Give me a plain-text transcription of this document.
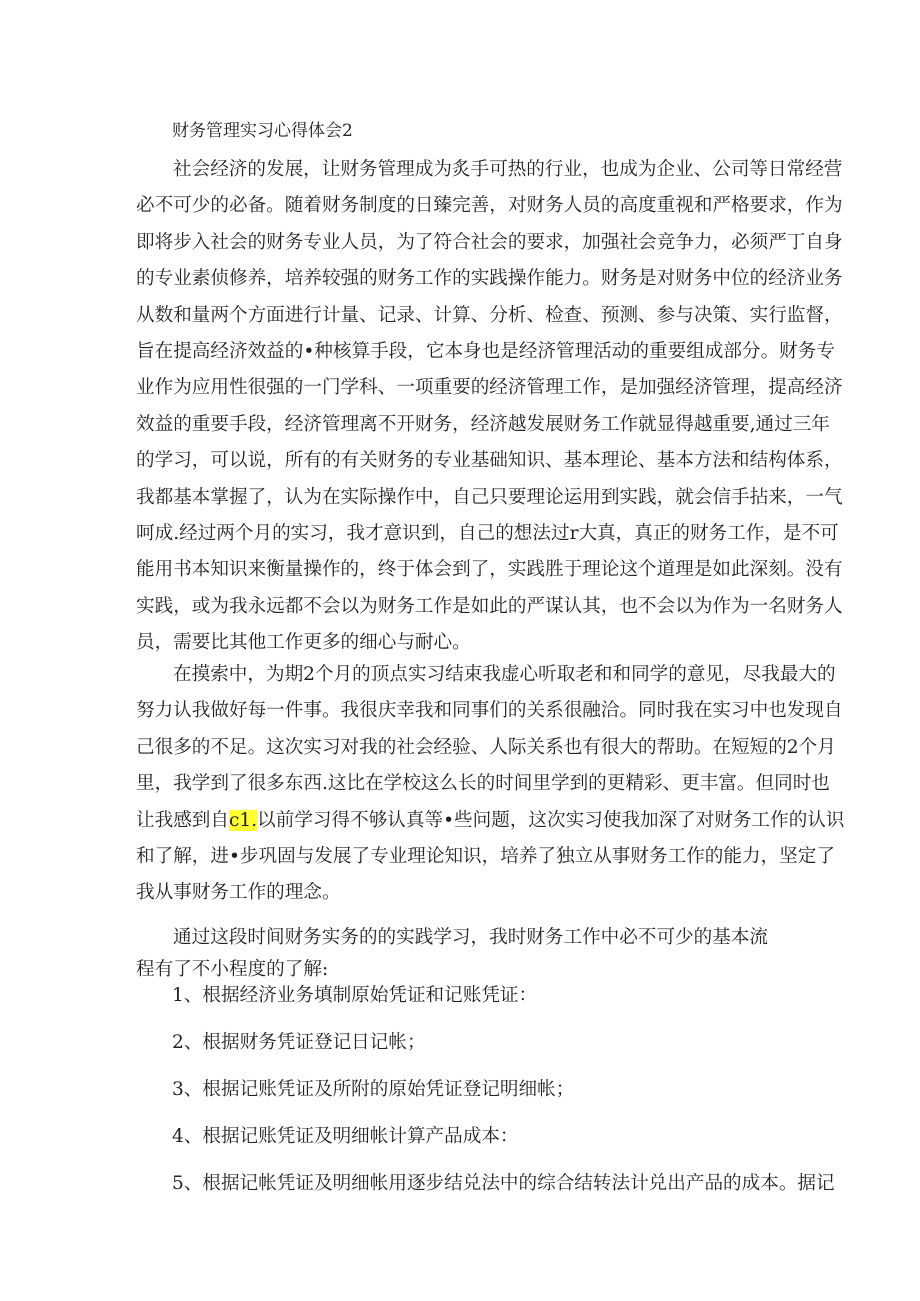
财务管理实习心得体会2
社会经济的发展，让财务管理成为炙手可热的行业，也成为企业、公司等日常经营
必不可少的必备。随着财务制度的日臻完善，对财务人员的高度重视和严格要求，作为
即将步入社会的财务专业人员，为了符合社会的要求，加强社会竞争力，必须严丁自身
的专业素侦修养，培养较强的财务工作的实践操作能力。财务是对财务中位的经济业务
从数和量两个方面进行计量、记录、计算、分析、检查、预测、参与决策、实行监督，
旨在提高经济效益的•种核算手段，它本身也是经济管理活动的重要组成部分。财务专
业作为应用性很强的一门学科、一项重要的经济管理工作，是加强经济管理，提高经济
效益的重要手段，经济管理离不开财务，经济越发展财务工作就显得越重要,通过三年
的学习，可以说，所有的有关财务的专业基础知识、基本理论、基本方法和结构体系，
我都基本掌握了，认为在实际操作中，自己只要理论运用到实践，就会信手拈来，一气
呵成.经过两个月的实习，我才意识到，自己的想法过r大真，真正的财务工作，是不可
能用书本知识来衡量操作的，终于体会到了，实践胜于理论这个道理是如此深刻。没有
实践，或为我永远都不会以为财务工作是如此的严谋认其，也不会以为作为一名财务人
员，需要比其他工作更多的细心与耐心。
在摸索中，为期2个月的顶点实习结束我虚心听取老和和同学的意见，尽我最大的
努力认我做好每一件事。我很庆幸我和同事们的关系很融洽。同时我在实习中也发现自
己很多的不足。这次实习对我的社会经验、人际关系也有很大的帮助。在短短的2个月
里，我学到了很多东西.这比在学校这么长的时间里学到的更精彩、更丰富。但同时也
让我感到自c1.以前学习得不够认真等•些问题，这次实习使我加深了对财务工作的认识
和了解，进•步巩固与发展了专业理论知识，培养了独立从事财务工作的能力，坚定了
我从事财务工作的理念。
通过这段时间财务实务的的实践学习，我时财务工作中必不可少的基本流
程有了不小程度的了解:
1、根据经济业务填制原始凭证和记账凭证：
2、根据财务凭证登记日记帐；
3、根据记账凭证及所附的原始凭证登记明细帐；
4、根据记账凭证及明细帐计算产品成本：
5、根据记帐凭证及明细帐用逐步结兑法中的综合结转法计兑出产品的成本。据记
